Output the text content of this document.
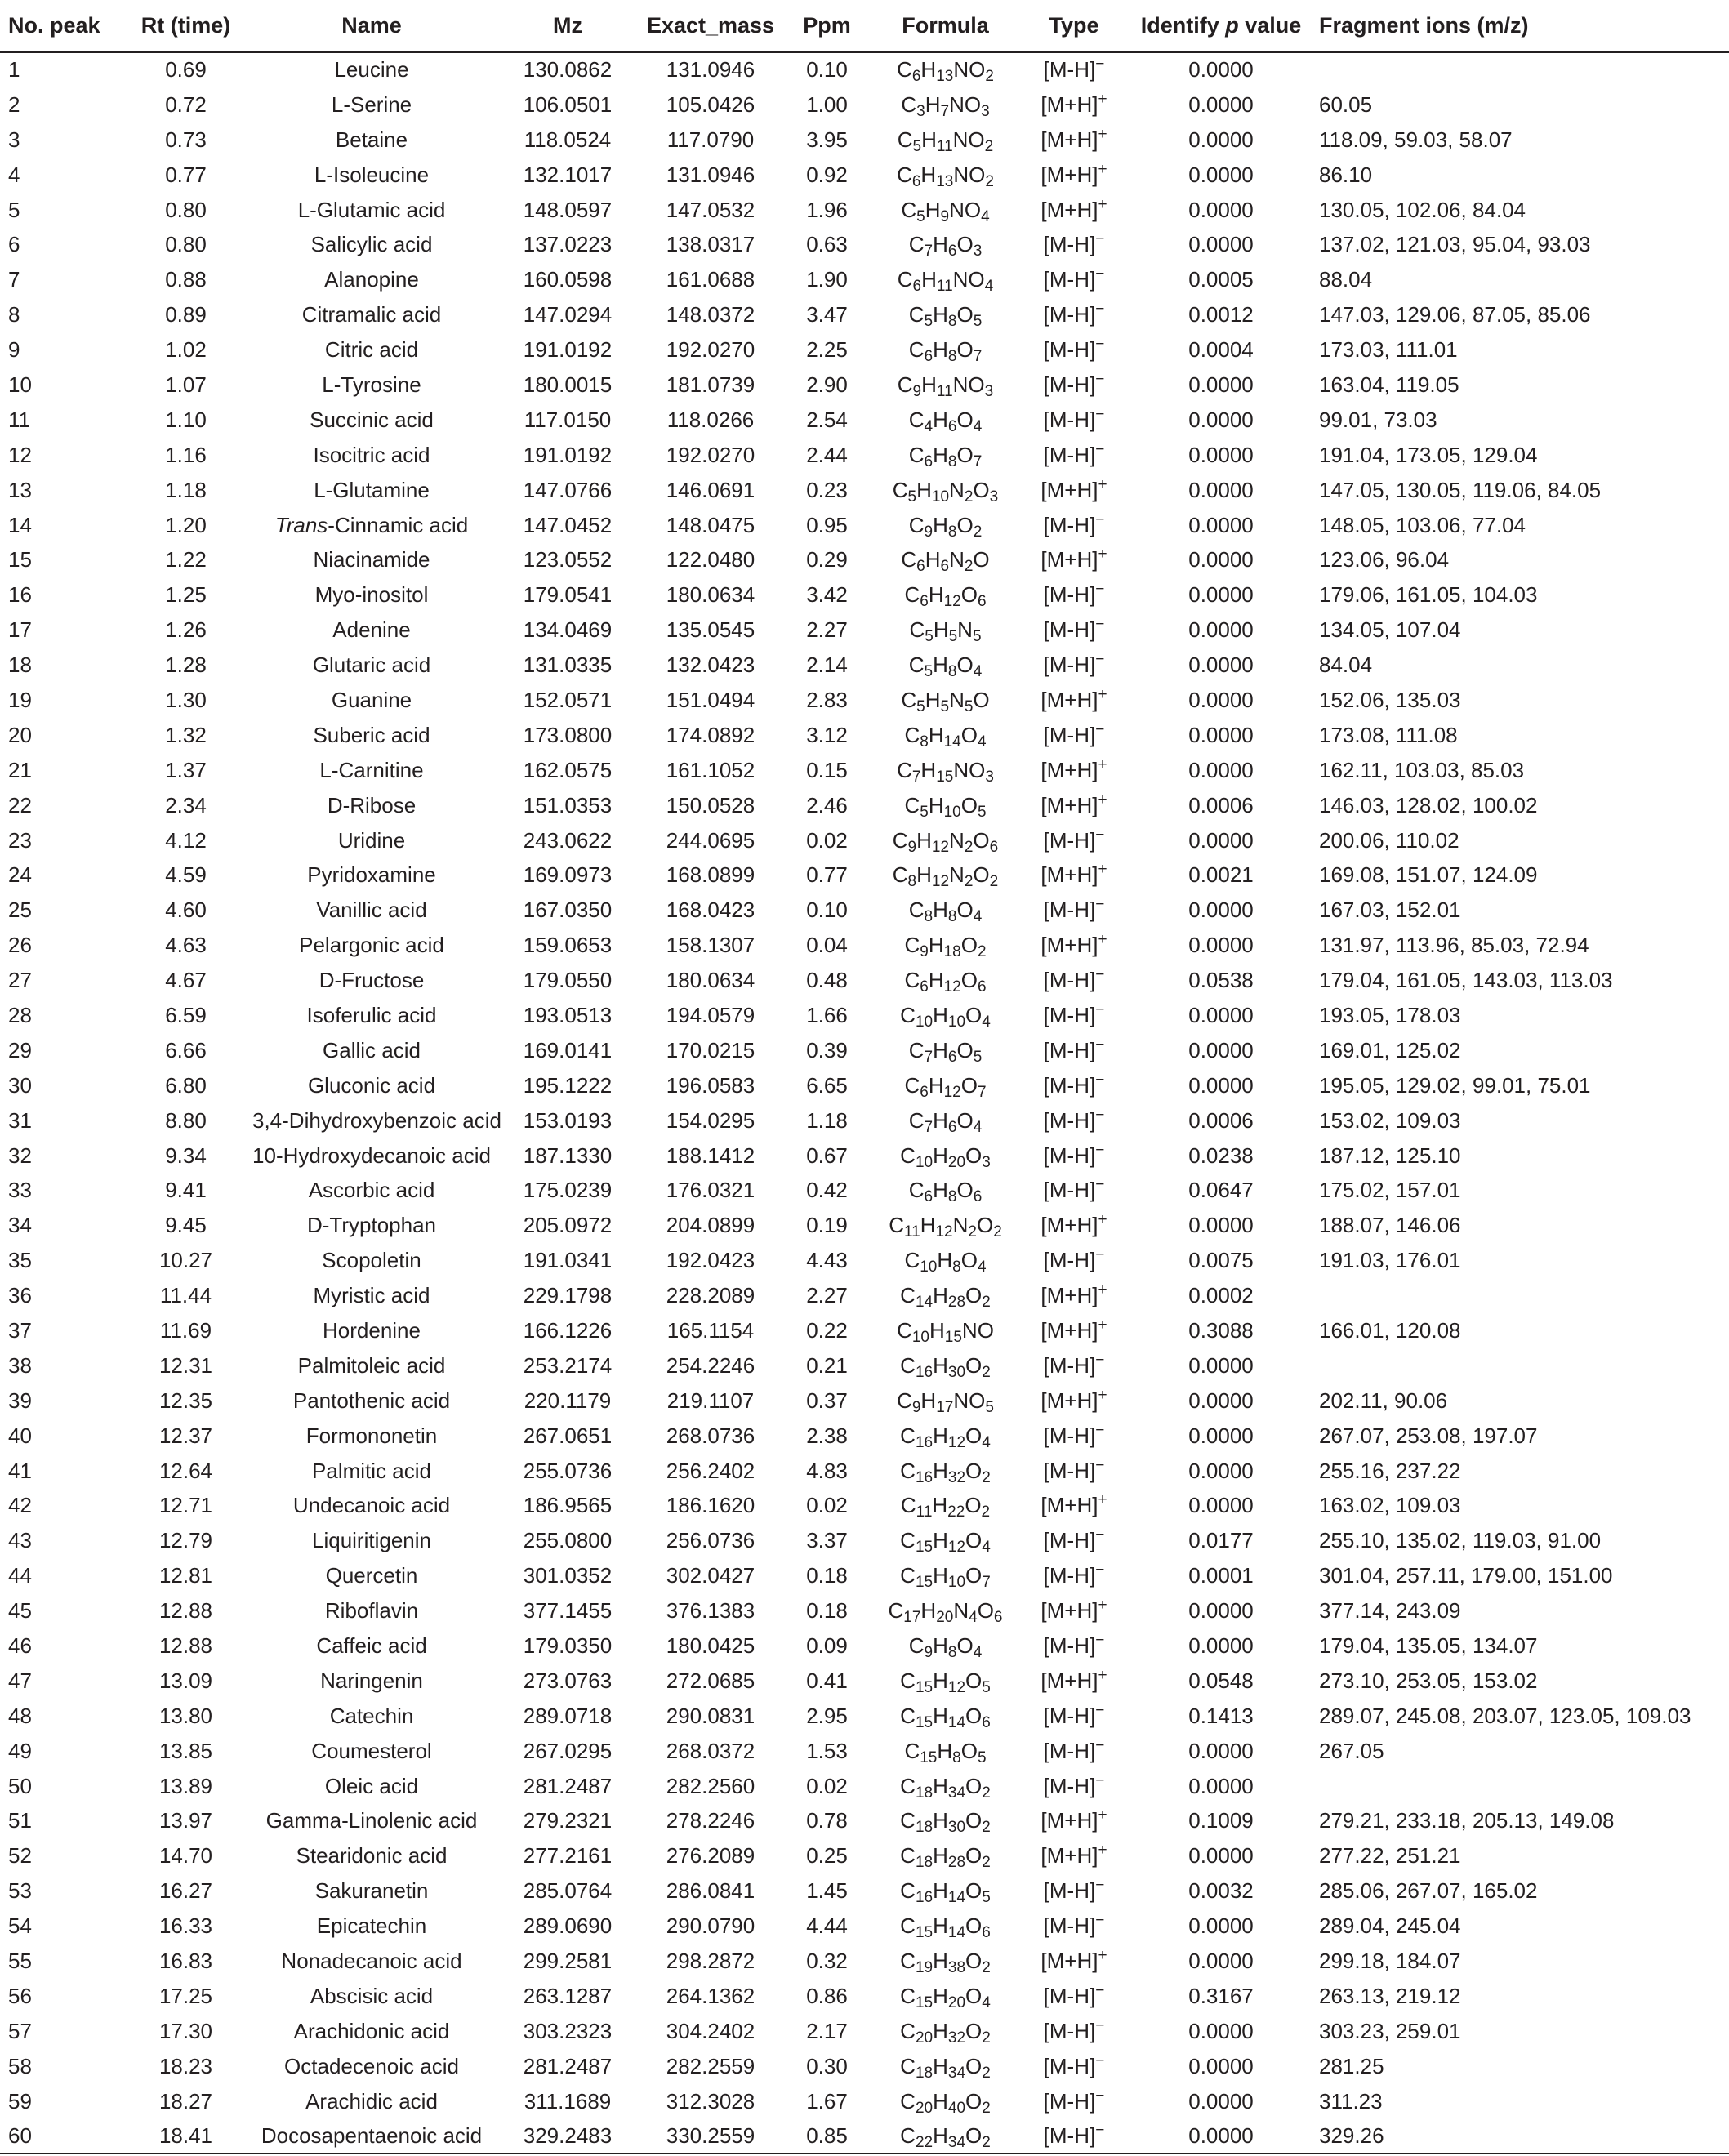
No. peak	Rt (time)	Name	Mz	Exact_mass	Ppm	Formula	Type	Identify p value	Fragment ions (m/z)
1	0.69	Leucine	130.0862	131.0946	0.10	$C_6H_{13}NO_2$	[M-H]−	0.0000	
2	0.72	L-Serine	106.0501	105.0426	1.00	$C_3H_7NO_3$	[M+H]+	0.0000	60.05
3	0.73	Betaine	118.0524	117.0790	3.95	$C_5H_{11}NO_2$	[M+H]+	0.0000	118.09, 59.03, 58.07
4	0.77	L-Isoleucine	132.1017	131.0946	0.92	$C_6H_{13}NO_2$	[M+H]+	0.0000	86.10
5	0.80	L-Glutamic acid	148.0597	147.0532	1.96	$C_5H_9NO_4$	[M+H]+	0.0000	130.05, 102.06, 84.04
6	0.80	Salicylic acid	137.0223	138.0317	0.63	$C_7H_6O_3$	[M-H]−	0.0000	137.02, 121.03, 95.04, 93.03
7	0.88	Alanopine	160.0598	161.0688	1.90	$C_6H_{11}NO_4$	[M-H]−	0.0005	88.04
8	0.89	Citramalic acid	147.0294	148.0372	3.47	$C_5H_8O_5$	[M-H]−	0.0012	147.03, 129.06, 87.05, 85.06
9	1.02	Citric acid	191.0192	192.0270	2.25	$C_6H_8O_7$	[M-H]−	0.0004	173.03, 111.01
10	1.07	L-Tyrosine	180.0015	181.0739	2.90	$C_9H_{11}NO_3$	[M-H]−	0.0000	163.04, 119.05
11	1.10	Succinic acid	117.0150	118.0266	2.54	$C_4H_6O_4$	[M-H]−	0.0000	99.01, 73.03
12	1.16	Isocitric acid	191.0192	192.0270	2.44	$C_6H_8O_7$	[M-H]−	0.0000	191.04, 173.05, 129.04
13	1.18	L-Glutamine	147.0766	146.0691	0.23	$C_5H_{10}N_2O_3$	[M+H]+	0.0000	147.05, 130.05, 119.06, 84.05
14	1.20	Trans-Cinnamic acid	147.0452	148.0475	0.95	$C_9H_8O_2$	[M-H]−	0.0000	148.05, 103.06, 77.04
15	1.22	Niacinamide	123.0552	122.0480	0.29	$C_6H_6N_2O$	[M+H]+	0.0000	123.06, 96.04
16	1.25	Myo-inositol	179.0541	180.0634	3.42	$C_6H_{12}O_6$	[M-H]−	0.0000	179.06, 161.05, 104.03
17	1.26	Adenine	134.0469	135.0545	2.27	$C_5H_5N_5$	[M-H]−	0.0000	134.05, 107.04
18	1.28	Glutaric acid	131.0335	132.0423	2.14	$C_5H_8O_4$	[M-H]−	0.0000	84.04
19	1.30	Guanine	152.0571	151.0494	2.83	$C_5H_5N_5O$	[M+H]+	0.0000	152.06, 135.03
20	1.32	Suberic acid	173.0800	174.0892	3.12	$C_8H_{14}O_4$	[M-H]−	0.0000	173.08, 111.08
21	1.37	L-Carnitine	162.0575	161.1052	0.15	$C_7H_{15}NO_3$	[M+H]+	0.0000	162.11, 103.03, 85.03
22	2.34	D-Ribose	151.0353	150.0528	2.46	$C_5H_{10}O_5$	[M+H]+	0.0006	146.03, 128.02, 100.02
23	4.12	Uridine	243.0622	244.0695	0.02	$C_9H_{12}N_2O_6$	[M-H]−	0.0000	200.06, 110.02
24	4.59	Pyridoxamine	169.0973	168.0899	0.77	$C_8H_{12}N_2O_2$	[M+H]+	0.0021	169.08, 151.07, 124.09
25	4.60	Vanillic acid	167.0350	168.0423	0.10	$C_8H_8O_4$	[M-H]−	0.0000	167.03, 152.01
26	4.63	Pelargonic acid	159.0653	158.1307	0.04	$C_9H_{18}O_2$	[M+H]+	0.0000	131.97, 113.96, 85.03, 72.94
27	4.67	D-Fructose	179.0550	180.0634	0.48	$C_6H_{12}O_6$	[M-H]−	0.0538	179.04, 161.05, 143.03, 113.03
28	6.59	Isoferulic acid	193.0513	194.0579	1.66	$C_{10}H_{10}O_4$	[M-H]−	0.0000	193.05, 178.03
29	6.66	Gallic acid	169.0141	170.0215	0.39	$C_7H_6O_5$	[M-H]−	0.0000	169.01, 125.02
30	6.80	Gluconic acid	195.1222	196.0583	6.65	$C_6H_{12}O_7$	[M-H]−	0.0000	195.05, 129.02, 99.01, 75.01
31	8.80	3,4-Dihydroxybenzoic acid	153.0193	154.0295	1.18	$C_7H_6O_4$	[M-H]−	0.0006	153.02, 109.03
32	9.34	10-Hydroxydecanoic acid	187.1330	188.1412	0.67	$C_{10}H_{20}O_3$	[M-H]−	0.0238	187.12, 125.10
33	9.41	Ascorbic acid	175.0239	176.0321	0.42	$C_6H_8O_6$	[M-H]−	0.0647	175.02, 157.01
34	9.45	D-Tryptophan	205.0972	204.0899	0.19	$C_{11}H_{12}N_2O_2$	[M+H]+	0.0000	188.07, 146.06
35	10.27	Scopoletin	191.0341	192.0423	4.43	$C_{10}H_8O_4$	[M-H]−	0.0075	191.03, 176.01
36	11.44	Myristic acid	229.1798	228.2089	2.27	$C_{14}H_{28}O_2$	[M+H]+	0.0002	
37	11.69	Hordenine	166.1226	165.1154	0.22	$C_{10}H_{15}NO$	[M+H]+	0.3088	166.01, 120.08
38	12.31	Palmitoleic acid	253.2174	254.2246	0.21	$C_{16}H_{30}O_2$	[M-H]−	0.0000	
39	12.35	Pantothenic acid	220.1179	219.1107	0.37	$C_9H_{17}NO_5$	[M+H]+	0.0000	202.11, 90.06
40	12.37	Formononetin	267.0651	268.0736	2.38	$C_{16}H_{12}O_4$	[M-H]−	0.0000	267.07, 253.08, 197.07
41	12.64	Palmitic acid	255.0736	256.2402	4.83	$C_{16}H_{32}O_2$	[M-H]−	0.0000	255.16, 237.22
42	12.71	Undecanoic acid	186.9565	186.1620	0.02	$C_{11}H_{22}O_2$	[M+H]+	0.0000	163.02, 109.03
43	12.79	Liquiritigenin	255.0800	256.0736	3.37	$C_{15}H_{12}O_4$	[M-H]−	0.0177	255.10, 135.02, 119.03, 91.00
44	12.81	Quercetin	301.0352	302.0427	0.18	$C_{15}H_{10}O_7$	[M-H]−	0.0001	301.04, 257.11, 179.00, 151.00
45	12.88	Riboflavin	377.1455	376.1383	0.18	$C_{17}H_{20}N_4O_6$	[M+H]+	0.0000	377.14, 243.09
46	12.88	Caffeic acid	179.0350	180.0425	0.09	$C_9H_8O_4$	[M-H]−	0.0000	179.04, 135.05, 134.07
47	13.09	Naringenin	273.0763	272.0685	0.41	$C_{15}H_{12}O_5$	[M+H]+	0.0548	273.10, 253.05, 153.02
48	13.80	Catechin	289.0718	290.0831	2.95	$C_{15}H_{14}O_6$	[M-H]−	0.1413	289.07, 245.08, 203.07, 123.05, 109.03
49	13.85	Coumesterol	267.0295	268.0372	1.53	$C_{15}H_8O_5$	[M-H]−	0.0000	267.05
50	13.89	Oleic acid	281.2487	282.2560	0.02	$C_{18}H_{34}O_2$	[M-H]−	0.0000	
51	13.97	Gamma-Linolenic acid	279.2321	278.2246	0.78	$C_{18}H_{30}O_2$	[M+H]+	0.1009	279.21, 233.18, 205.13, 149.08
52	14.70	Stearidonic acid	277.2161	276.2089	0.25	$C_{18}H_{28}O_2$	[M+H]+	0.0000	277.22, 251.21
53	16.27	Sakuranetin	285.0764	286.0841	1.45	$C_{16}H_{14}O_5$	[M-H]−	0.0032	285.06, 267.07, 165.02
54	16.33	Epicatechin	289.0690	290.0790	4.44	$C_{15}H_{14}O_6$	[M-H]−	0.0000	289.04, 245.04
55	16.83	Nonadecanoic acid	299.2581	298.2872	0.32	$C_{19}H_{38}O_2$	[M+H]+	0.0000	299.18, 184.07
56	17.25	Abscisic acid	263.1287	264.1362	0.86	$C_{15}H_{20}O_4$	[M-H]−	0.3167	263.13, 219.12
57	17.30	Arachidonic acid	303.2323	304.2402	2.17	$C_{20}H_{32}O_2$	[M-H]−	0.0000	303.23, 259.01
58	18.23	Octadecenoic acid	281.2487	282.2559	0.30	$C_{18}H_{34}O_2$	[M-H]−	0.0000	281.25
59	18.27	Arachidic acid	311.1689	312.3028	1.67	$C_{20}H_{40}O_2$	[M-H]−	0.0000	311.23
60	18.41	Docosapentaenoic acid	329.2483	330.2559	0.85	$C_{22}H_{34}O_2$	[M-H]−	0.0000	329.26
